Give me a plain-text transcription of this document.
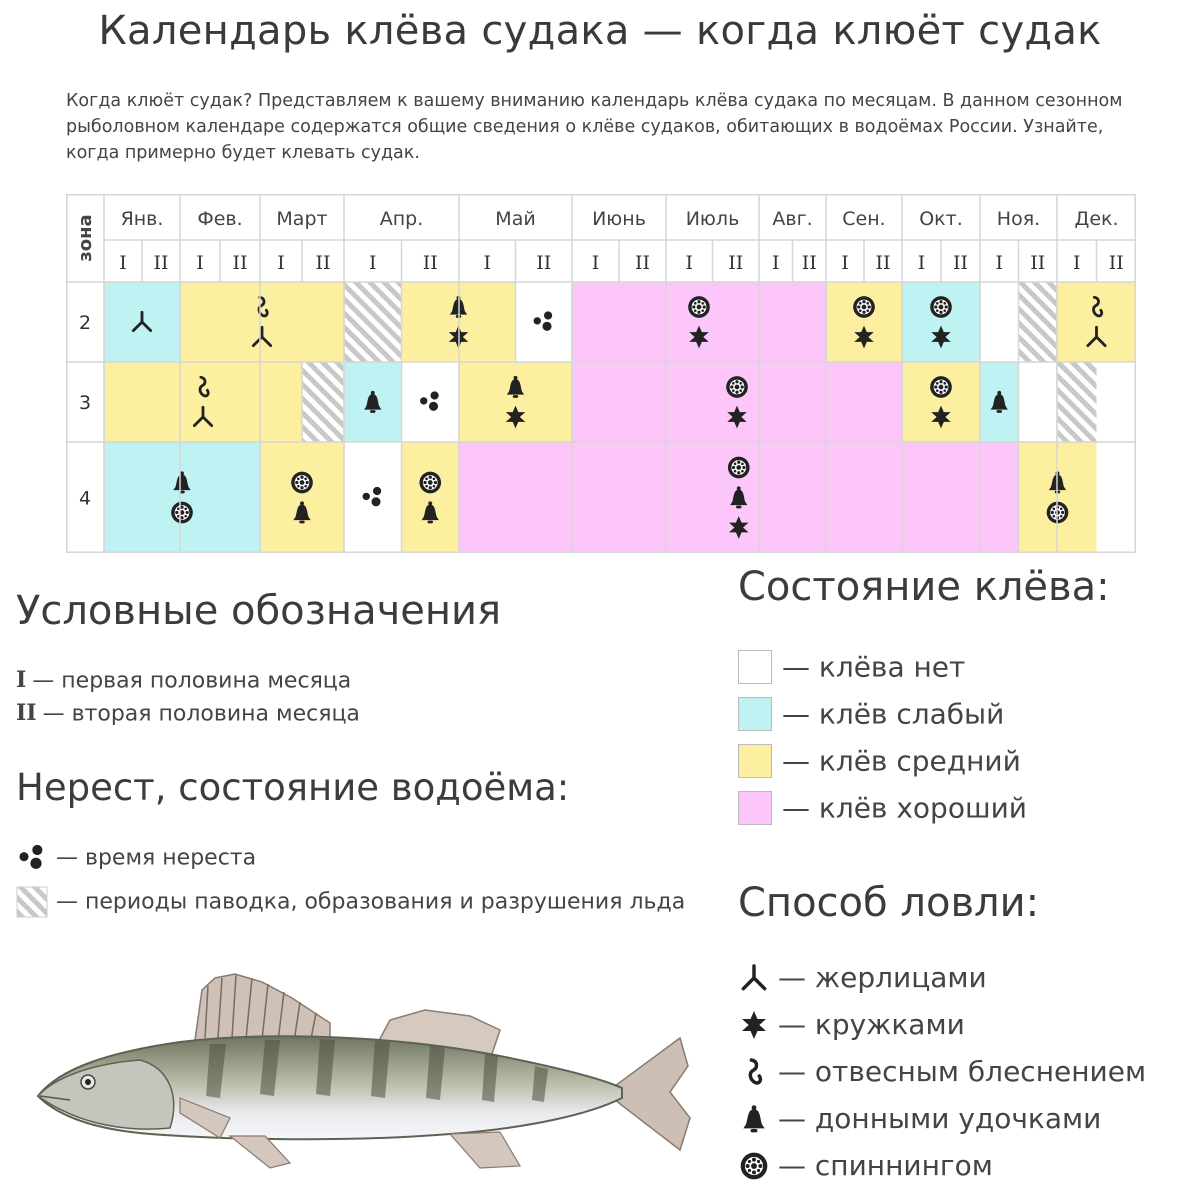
Календарь клёва судака — когда клюёт судак
Когда клюёт судак? Представляем к вашему вниманию календарь клёва судака по месяцам. В данном сезонном рыболовном календаре содержатся общие сведения о клёве судаков, обитающих в водоёмах России. Узнайте, когда примерно будет клевать судак.
2
3
4
Янв.
I II
Фев.
I II
Март
I II
Апр.
I II
Май
I II
Июнь
I II
Июль
I II
Авг.
I II
Сен.
I II
Окт.
I II
Ноя.
I II
Дек.
I II
зона
Условные обозначения
I — первая половина месяца
II — вторая половина месяца
Нерест, состояние водоёма:
— время нереста
— периоды паводка, образования и разрушения льда
Состояние клёва:
— клёва нет
— клёв слабый
— клёв средний
— клёв хороший
Способ ловли:
— жерлицами
— кружками
— отвесным блеснением
— донными удочками
— спиннингом
